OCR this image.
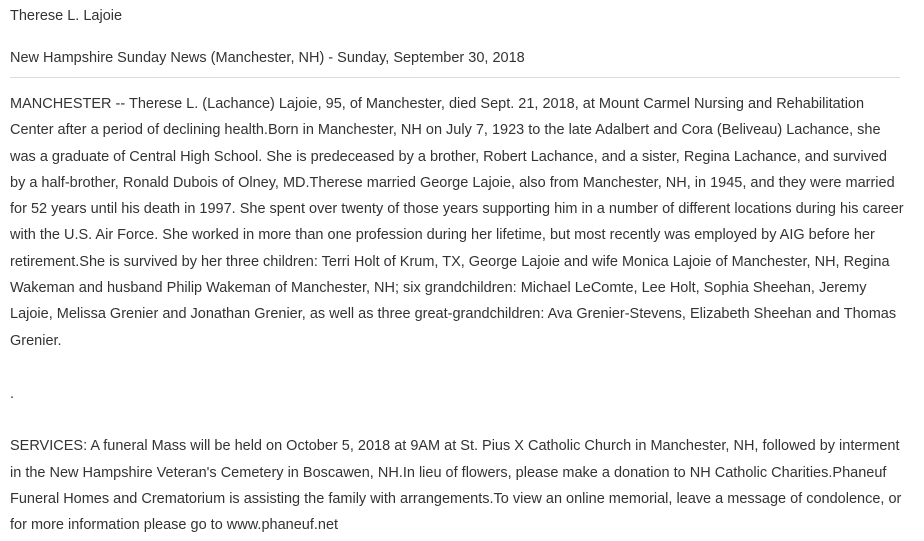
Therese L. Lajoie

New Hampshire Sunday News (Manchester, NH) - Sunday, September 30, 2018

MANCHESTER -- Therese L. (Lachance) Lajoie, 95, of Manchester, died Sept. 21, 2018, at Mount Carmel Nursing and Rehabilitation Center after a period of declining health.Born in Manchester, NH on July 7, 1923 to the late Adalbert and Cora (Beliveau) Lachance, she was a graduate of Central High School. She is predeceased by a brother, Robert Lachance, and a sister, Regina Lachance, and survived by a half-brother, Ronald Dubois of Olney, MD.Therese married George Lajoie, also from Manchester, NH, in 1945, and they were married for 52 years until his death in 1997. She spent over twenty of those years supporting him in a number of different locations during his career with the U.S. Air Force. She worked in more than one profession during her lifetime, but most recently was employed by AIG before her retirement.She is survived by her three children: Terri Holt of Krum, TX, George Lajoie and wife Monica Lajoie of Manchester, NH, Regina Wakeman and husband Philip Wakeman of Manchester, NH; six grandchildren: Michael LeComte, Lee Holt, Sophia Sheehan, Jeremy Lajoie, Melissa Grenier and Jonathan Grenier, as well as three great-grandchildren: Ava Grenier-Stevens, Elizabeth Sheehan and Thomas Grenier.

.

SERVICES: A funeral Mass will be held on October 5, 2018 at 9AM at St. Pius X Catholic Church in Manchester, NH, followed by interment in the New Hampshire Veteran's Cemetery in Boscawen, NH.In lieu of flowers, please make a donation to NH Catholic Charities.Phaneuf Funeral Homes and Crematorium is assisting the family with arrangements.To view an online memorial, leave a message of condolence, or for more information please go to www.phaneuf.net
